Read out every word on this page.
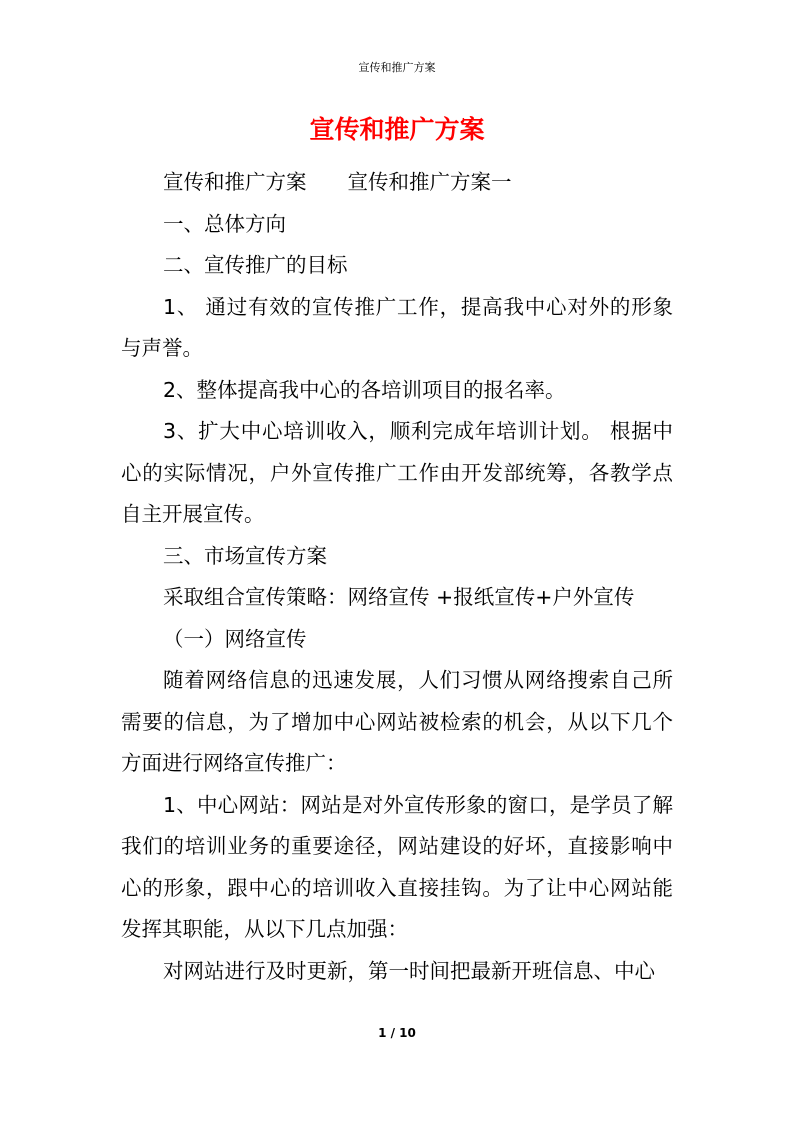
宣传和推广方案
宣传和推广方案

宣传和推广方案　　宣传和推广方案一

一、总体方向

二、宣传推广的目标

1、 通过有效的宣传推广工作，提高我中心对外的形象与声誉。

2、整体提高我中心的各培训项目的报名率。

3、扩大中心培训收入，顺利完成年培训计划。 根据中心的实际情况，户外宣传推广工作由开发部统筹，各教学点自主开展宣传。

三、市场宣传方案

采取组合宣传策略：网络宣传 +报纸宣传+户外宣传

（一）网络宣传

随着网络信息的迅速发展，人们习惯从网络搜索自己所需要的信息，为了增加中心网站被检索的机会，从以下几个方面进行网络宣传推广：

1、中心网站：网站是对外宣传形象的窗口，是学员了解我们的培训业务的重要途径，网站建设的好坏，直接影响中心的形象，跟中心的培训收入直接挂钩。为了让中心网站能发挥其职能，从以下几点加强：

对网站进行及时更新，第一时间把最新开班信息、中心

1 / 10
